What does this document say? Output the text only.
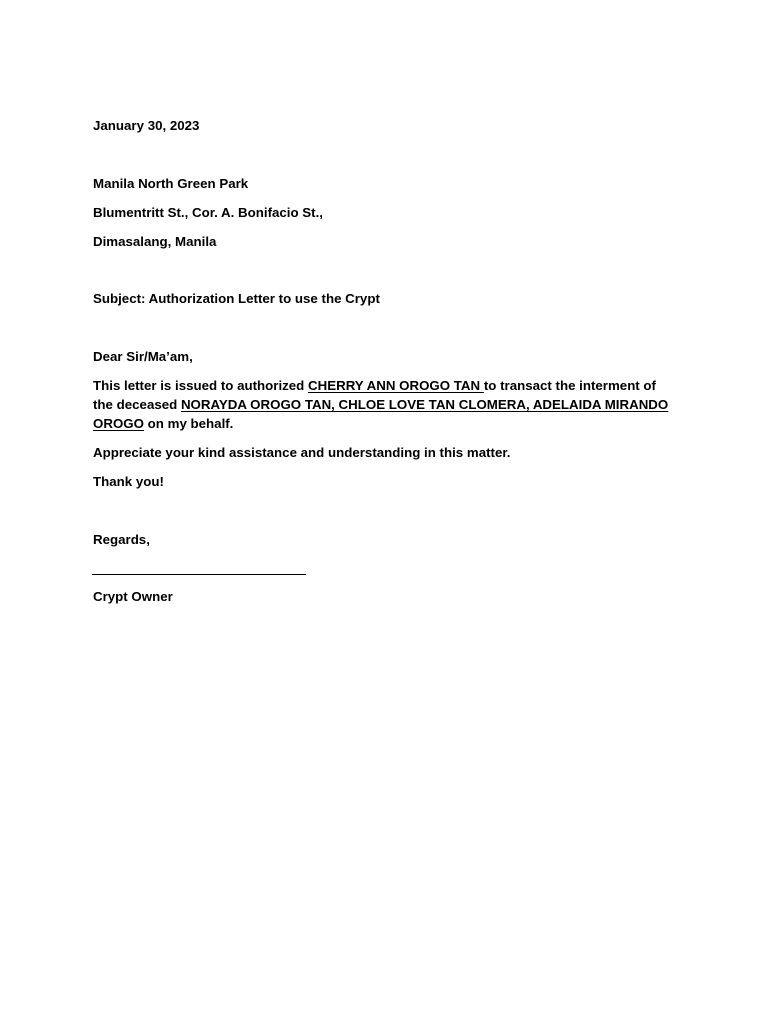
January 30, 2023
Manila North Green Park
Blumentritt St., Cor. A. Bonifacio St.,
Dimasalang, Manila
Subject: Authorization Letter to use the Crypt
Dear Sir/Ma’am,
This letter is issued to authorized CHERRY ANN OROGO TAN to transact the interment of
the deceased NORAYDA OROGO TAN, CHLOE LOVE TAN CLOMERA, ADELAIDA MIRANDO
OROGO on my behalf.
Appreciate your kind assistance and understanding in this matter.
Thank you!
Regards,
Crypt Owner
